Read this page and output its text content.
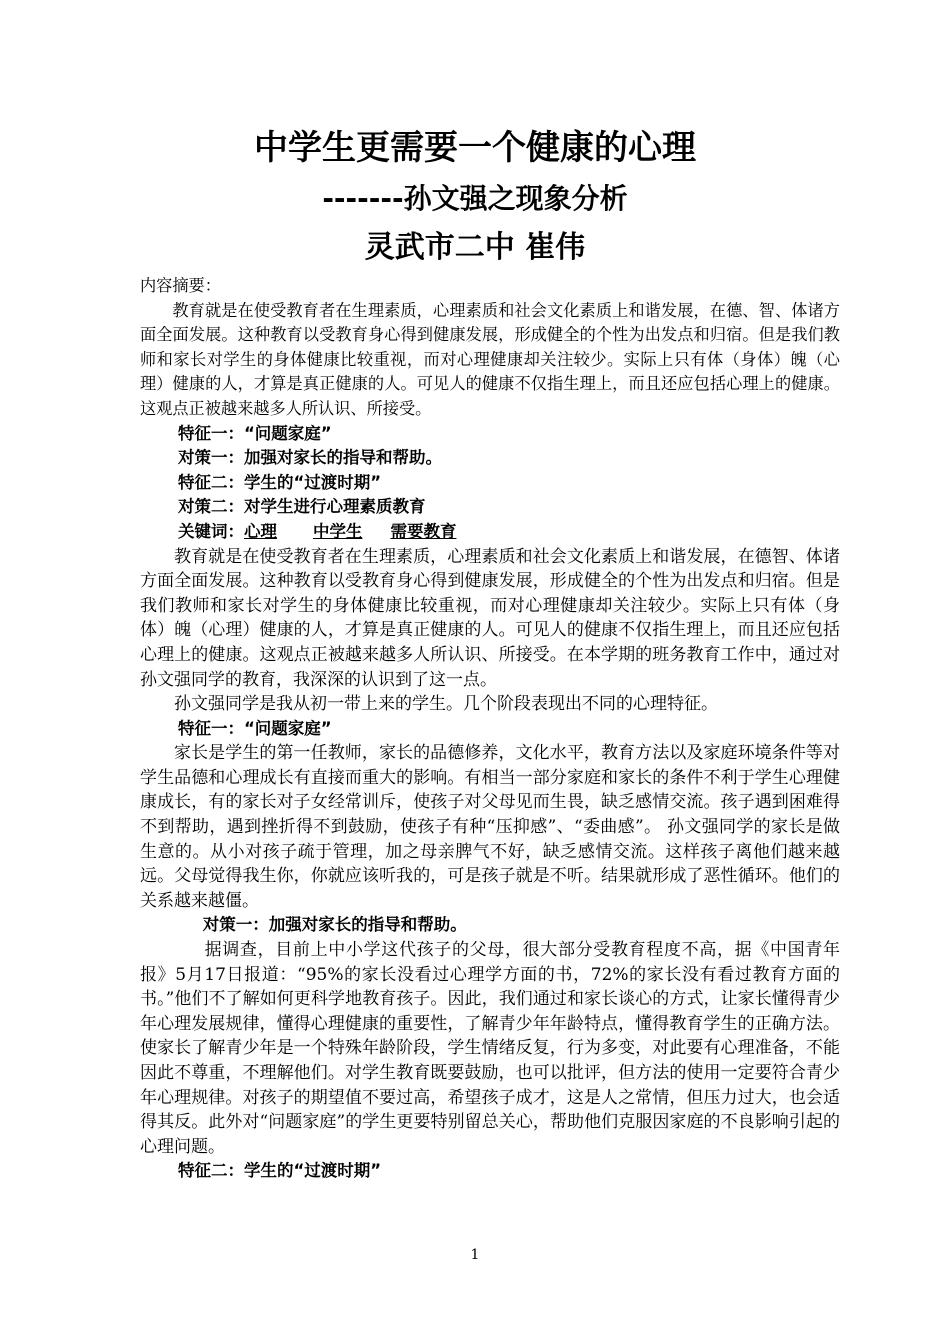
中学生更需要一个健康的心理
-------孙文强之现象分析
灵武市二中 崔伟

内容摘要：

教育就是在使受教育者在生理素质，心理素质和社会文化素质上和谐发展，在德、智、体诸方面全面发展。这种教育以受教育身心得到健康发展，形成健全的个性为出发点和归宿。但是我们教师和家长对学生的身体健康比较重视，而对心理健康却关注较少。实际上只有体（身体）魄（心理）健康的人，才算是真正健康的人。可见人的健康不仅指生理上，而且还应包括心理上的健康。这观点正被越来越多人所认识、所接受。

特征一：“问题家庭”

对策一：加强对家长的指导和帮助。

特征二：学生的“过渡时期”

对策二：对学生进行心理素质教育

关键词：心理 中学生 需要教育

教育就是在使受教育者在生理素质，心理素质和社会文化素质上和谐发展，在德智、体诸方面全面发展。这种教育以受教育身心得到健康发展，形成健全的个性为出发点和归宿。但是我们教师和家长对学生的身体健康比较重视，而对心理健康却关注较少。实际上只有体（身体）魄（心理）健康的人，才算是真正健康的人。可见人的健康不仅指生理上，而且还应包括心理上的健康。这观点正被越来越多人所认识、所接受。在本学期的班务教育工作中，通过对孙文强同学的教育，我深深的认识到了这一点。

孙文强同学是我从初一带上来的学生。几个阶段表现出不同的心理特征。

特征一：“问题家庭”

家长是学生的第一任教师，家长的品德修养，文化水平，教育方法以及家庭环境条件等对学生品德和心理成长有直接而重大的影响。有相当一部分家庭和家长的条件不利于学生心理健康成长，有的家长对子女经常训斥，使孩子对父母见而生畏，缺乏感情交流。孩子遇到困难得不到帮助，遇到挫折得不到鼓励，使孩子有种“压抑感”、“委曲感”。 孙文强同学的家长是做生意的。从小对孩子疏于管理，加之母亲脾气不好，缺乏感情交流。这样孩子离他们越来越远。父母觉得我生你，你就应该听我的，可是孩子就是不听。结果就形成了恶性循环。他们的关系越来越僵。

对策一：加强对家长的指导和帮助。

据调查，目前上中小学这代孩子的父母，很大部分受教育程度不高，据《中国青年报》5月17日报道：“95%的家长没看过心理学方面的书，72%的家长没有看过教育方面的书。”他们不了解如何更科学地教育孩子。因此，我们通过和家长谈心的方式，让家长懂得青少年心理发展规律，懂得心理健康的重要性，了解青少年年龄特点，懂得教育学生的正确方法。使家长了解青少年是一个特殊年龄阶段，学生情绪反复，行为多变，对此要有心理准备，不能因此不尊重，不理解他们。对学生教育既要鼓励，也可以批评，但方法的使用一定要符合青少年心理规律。对孩子的期望值不要过高，希望孩子成才，这是人之常情，但压力过大，也会适得其反。此外对“问题家庭”的学生更要特别留总关心，帮助他们克服因家庭的不良影响引起的心理问题。

特征二：学生的“过渡时期”

1
